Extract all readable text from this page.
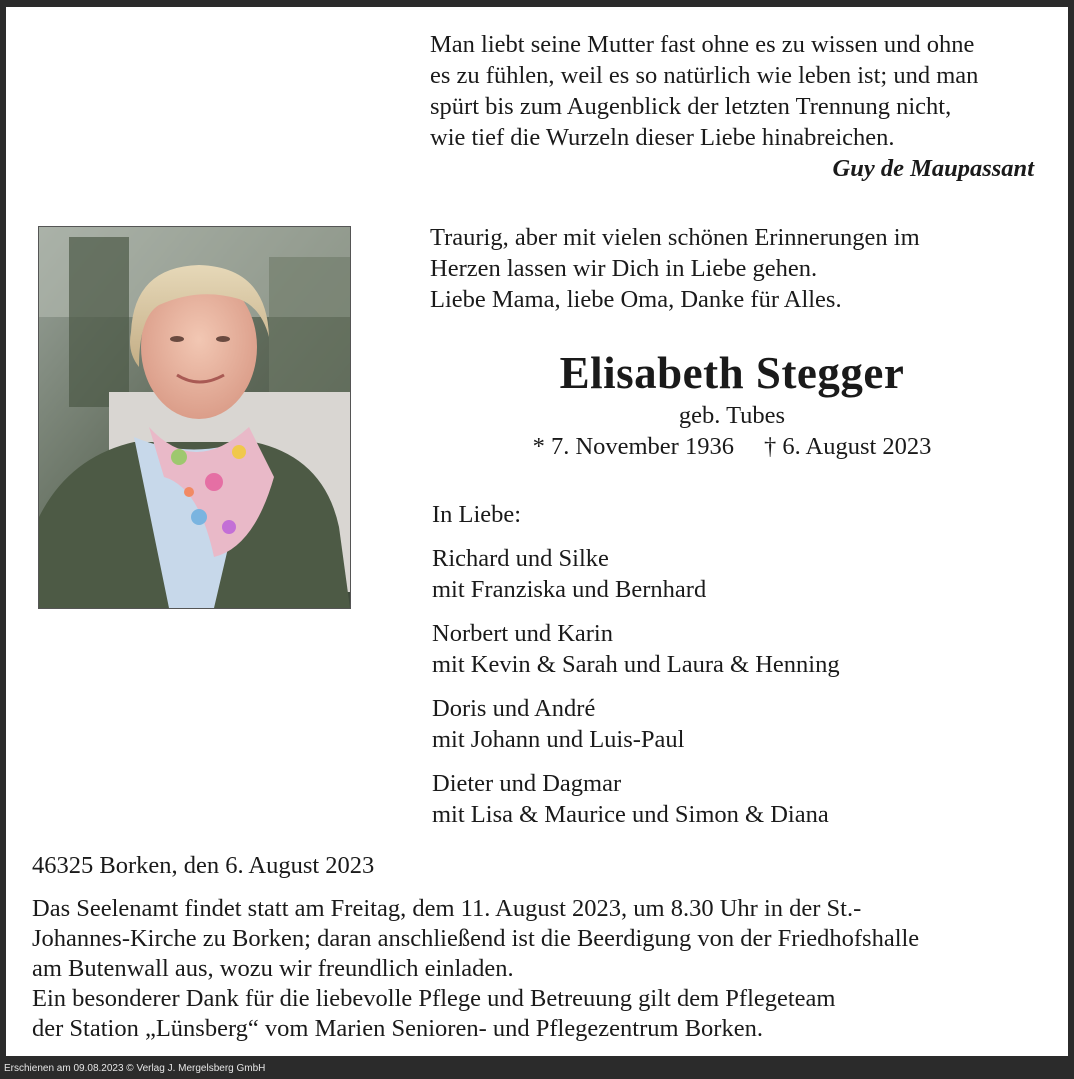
Man liebt seine Mutter fast ohne es zu wissen und ohne
es zu fühlen, weil es so natürlich wie leben ist; und man
spürt bis zum Augenblick der letzten Trennung nicht,
wie tief die Wurzeln dieser Liebe hinabreichen.
Guy de Maupassant
Traurig, aber mit vielen schönen Erinnerungen im
Herzen lassen wir Dich in Liebe gehen.
Liebe Mama, liebe Oma, Danke für Alles.
Elisabeth Stegger
geb. Tubes
* 7. November 1936 † 6. August 2023
In Liebe:
Richard und Silke
mit Franziska und Bernhard
Norbert und Karin
mit Kevin & Sarah und Laura & Henning
Doris und André
mit Johann und Luis-Paul
Dieter und Dagmar
mit Lisa & Maurice und Simon & Diana
46325 Borken, den 6. August 2023
Das Seelenamt findet statt am Freitag, dem 11. August 2023, um 8.30 Uhr in der St.-
Johannes-Kirche zu Borken; daran anschließend ist die Beerdigung von der Friedhofshalle
am Butenwall aus, wozu wir freundlich einladen.
Ein besonderer Dank für die liebevolle Pflege und Betreuung gilt dem Pflegeteam
der Station „Lünsberg“ vom Marien Senioren- und Pflegezentrum Borken.
Erschienen am 09.08.2023 © Verlag J. Mergelsberg GmbH
